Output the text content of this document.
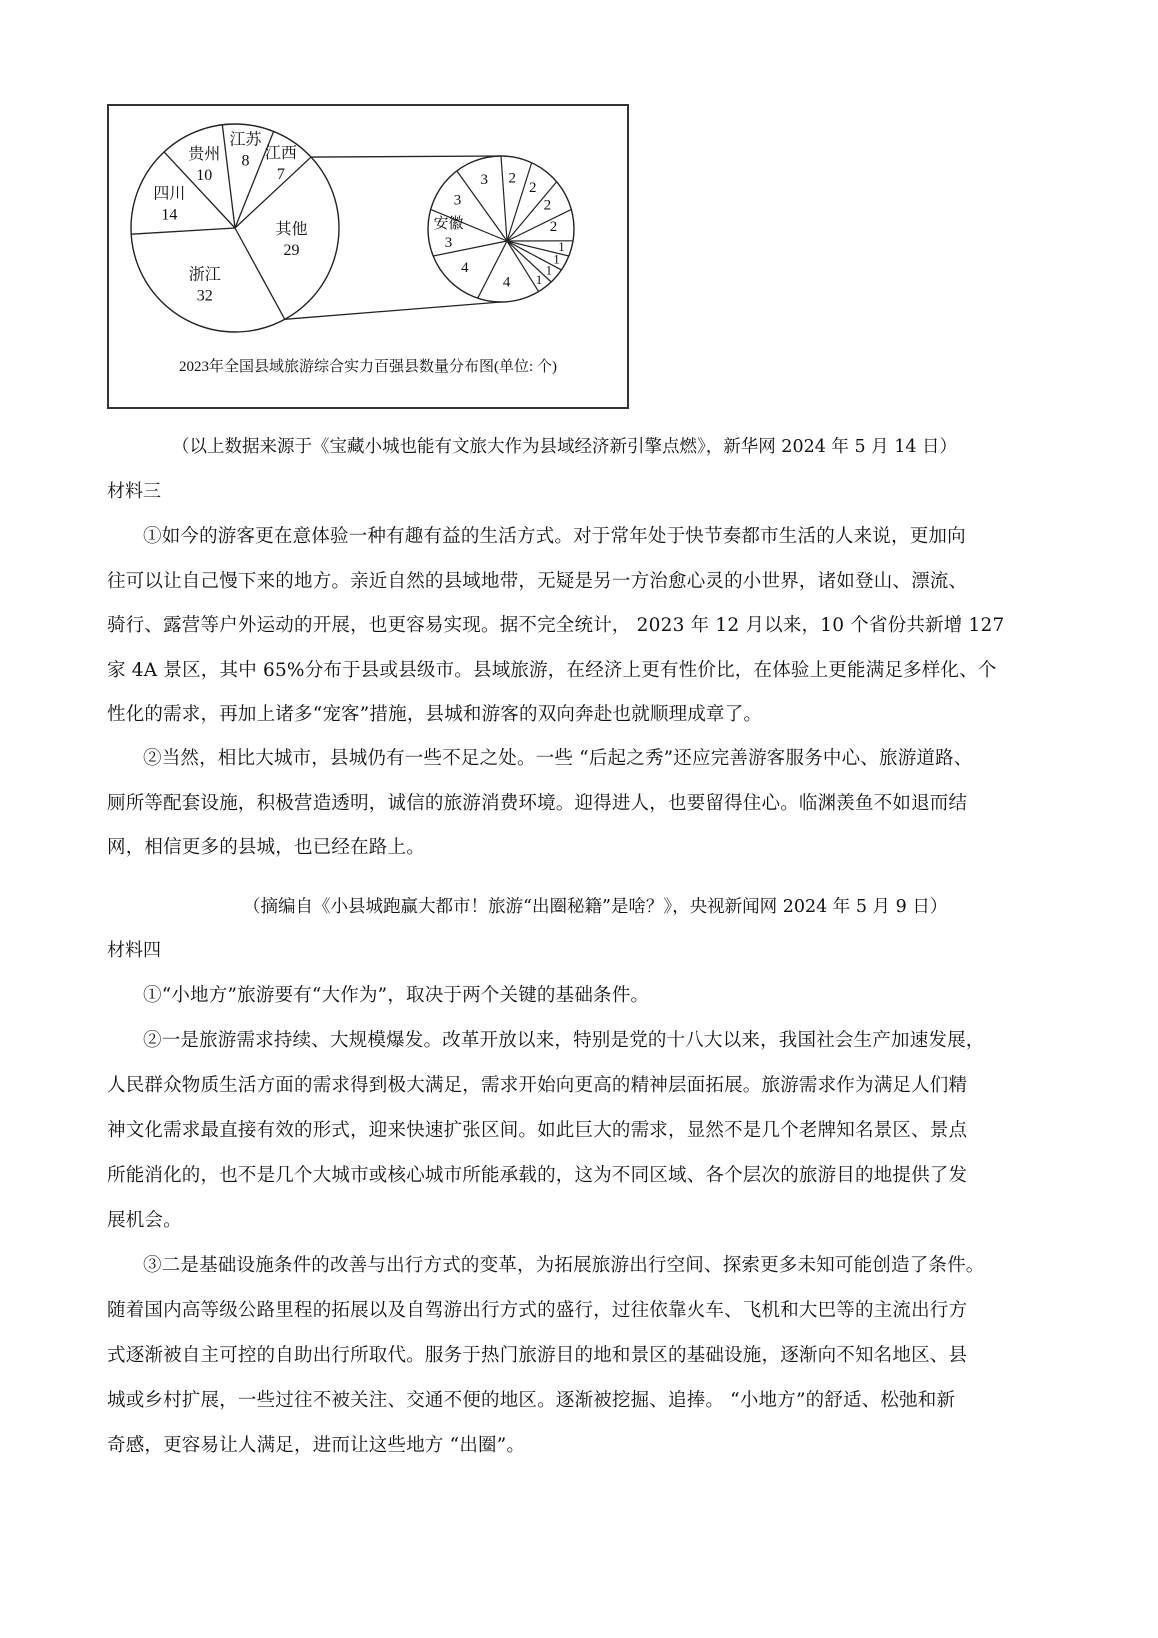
江苏
8 江西
7
其他
29
浙江
32
四川
14
贵州
10	2
2
2
2
1
1
1
1
4
4
安徽
3
3
3
2023年全国县域旅游综合实力百强县数量分布图(单位: 个)
（以上数据来源于《宝藏小城也能有文旅大作为县域经济新引擎点燃》，新华网 2024 年 5 月 14 日）
材料三
①如今的游客更在意体验一种有趣有益的生活方式。对于常年处于快节奏都市生活的人来说，更加向
往可以让自己慢下来的地方。亲近自然的县域地带，无疑是另一方治愈心灵的小世界，诸如登山、漂流、
骑行、露营等户外运动的开展，也更容易实现。据不完全统计， 2023 年 12 月以来，10 个省份共新增 127
家 4A 景区，其中 65%分布于县或县级市。县域旅游，在经济上更有性价比，在体验上更能满足多样化、个
性化的需求，再加上诸多“宠客”措施，县城和游客的双向奔赴也就顺理成章了。
②当然，相比大城市，县城仍有一些不足之处。一些 “后起之秀”还应完善游客服务中心、旅游道路、
厕所等配套设施，积极营造透明，诚信的旅游消费环境。迎得进人，也要留得住心。临渊羡鱼不如退而结
网，相信更多的县城，也已经在路上。
（摘编自《小县城跑赢大都市！旅游“出圈秘籍”是啥？》，央视新闻网 2024 年 5 月 9 日）
材料四
①“小地方”旅游要有“大作为”，取决于两个关键的基础条件。
②一是旅游需求持续、大规模爆发。改革开放以来，特别是党的十八大以来，我国社会生产加速发展，
人民群众物质生活方面的需求得到极大满足，需求开始向更高的精神层面拓展。旅游需求作为满足人们精
神文化需求最直接有效的形式，迎来快速扩张区间。如此巨大的需求，显然不是几个老牌知名景区、景点
所能消化的，也不是几个大城市或核心城市所能承载的，这为不同区域、各个层次的旅游目的地提供了发
展机会。
③二是基础设施条件的改善与出行方式的变革，为拓展旅游出行空间、探索更多未知可能创造了条件。
随着国内高等级公路里程的拓展以及自驾游出行方式的盛行，过往依靠火车、飞机和大巴等的主流出行方
式逐渐被自主可控的自助出行所取代。服务于热门旅游目的地和景区的基础设施，逐渐向不知名地区、县
城或乡村扩展，一些过往不被关注、交通不便的地区。逐渐被挖掘、追捧。 “小地方”的舒适、松弛和新
奇感，更容易让人满足，进而让这些地方 “出圈”。
